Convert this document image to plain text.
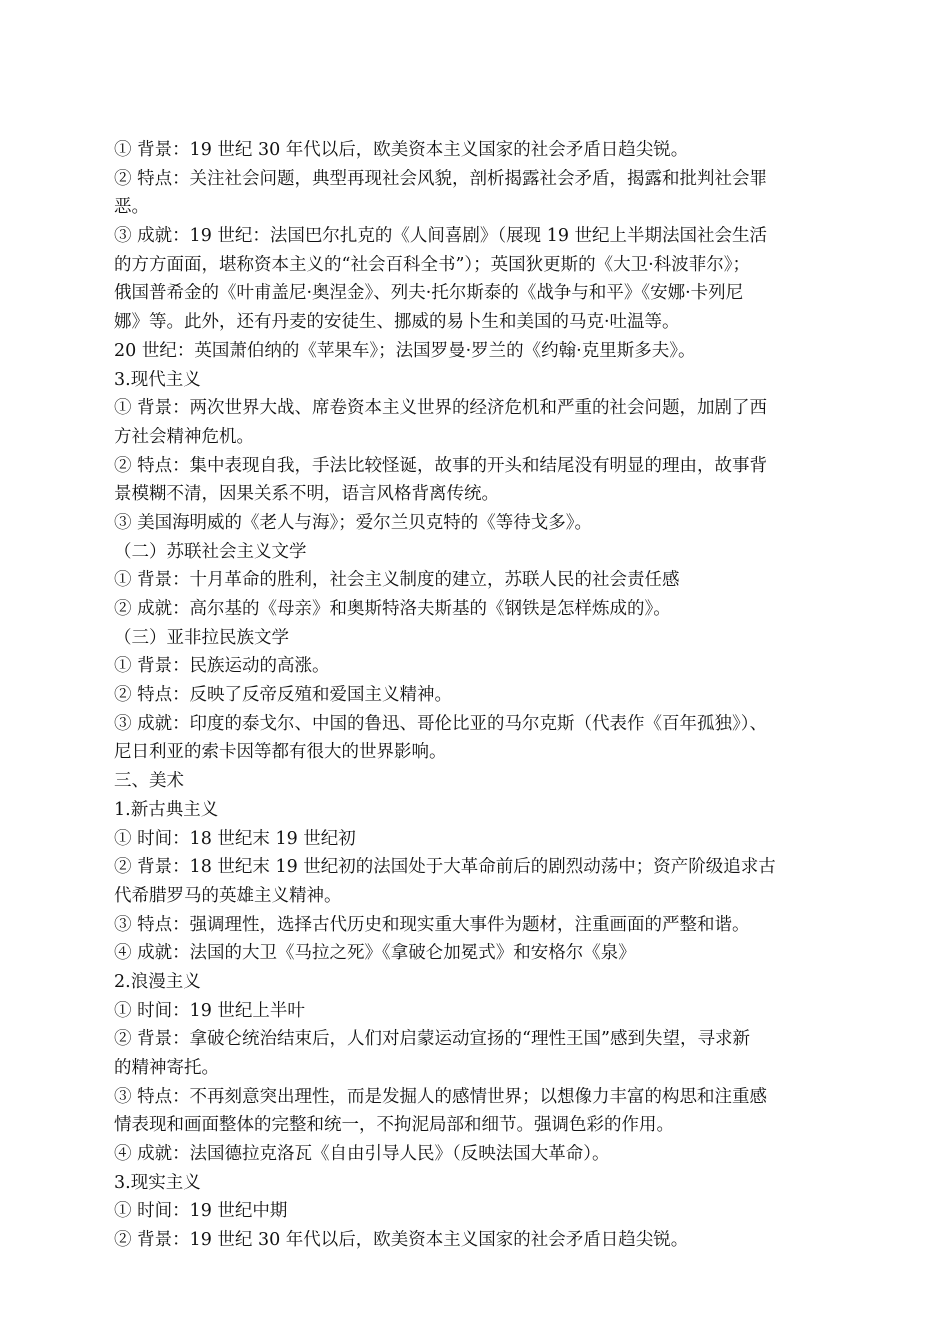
① 背景：19 世纪 30 年代以后，欧美资本主义国家的社会矛盾日趋尖锐。
② 特点：关注社会问题，典型再现社会风貌，剖析揭露社会矛盾，揭露和批判社会罪
恶。
③ 成就：19 世纪：法国巴尔扎克的《人间喜剧》（展现 19 世纪上半期法国社会生活
的方方面面，堪称资本主义的“社会百科全书”）；英国狄更斯的《大卫·科波菲尔》；
俄国普希金的《叶甫盖尼·奥涅金》、列夫·托尔斯泰的《战争与和平》《安娜·卡列尼
娜》等。此外，还有丹麦的安徒生、挪威的易卜生和美国的马克·吐温等。
20 世纪：英国萧伯纳的《苹果车》；法国罗曼·罗兰的《约翰·克里斯多夫》。
3.现代主义
① 背景：两次世界大战、席卷资本主义世界的经济危机和严重的社会问题，加剧了西
方社会精神危机。
② 特点：集中表现自我，手法比较怪诞，故事的开头和结尾没有明显的理由，故事背
景模糊不清，因果关系不明，语言风格背离传统。
③ 美国海明威的《老人与海》；爱尔兰贝克特的《等待戈多》。
（二）苏联社会主义文学
① 背景：十月革命的胜利，社会主义制度的建立，苏联人民的社会责任感
② 成就：高尔基的《母亲》和奥斯特洛夫斯基的《钢铁是怎样炼成的》。
（三）亚非拉民族文学
① 背景：民族运动的高涨。
② 特点：反映了反帝反殖和爱国主义精神。
③ 成就：印度的泰戈尔、中国的鲁迅、哥伦比亚的马尔克斯（代表作《百年孤独》）、
尼日利亚的索卡因等都有很大的世界影响。
三、美术
1.新古典主义
① 时间：18 世纪末 19 世纪初
② 背景：18 世纪末 19 世纪初的法国处于大革命前后的剧烈动荡中；资产阶级追求古
代希腊罗马的英雄主义精神。
③ 特点：强调理性，选择古代历史和现实重大事件为题材，注重画面的严整和谐。
④ 成就：法国的大卫《马拉之死》《拿破仑加冕式》和安格尔《泉》
2.浪漫主义
① 时间：19 世纪上半叶
② 背景：拿破仑统治结束后，人们对启蒙运动宣扬的“理性王国”感到失望，寻求新
的精神寄托。
③ 特点：不再刻意突出理性，而是发掘人的感情世界；以想像力丰富的构思和注重感
情表现和画面整体的完整和统一，不拘泥局部和细节。强调色彩的作用。
④ 成就：法国德拉克洛瓦《自由引导人民》（反映法国大革命）。
3.现实主义
① 时间：19 世纪中期
② 背景：19 世纪 30 年代以后，欧美资本主义国家的社会矛盾日趋尖锐。
